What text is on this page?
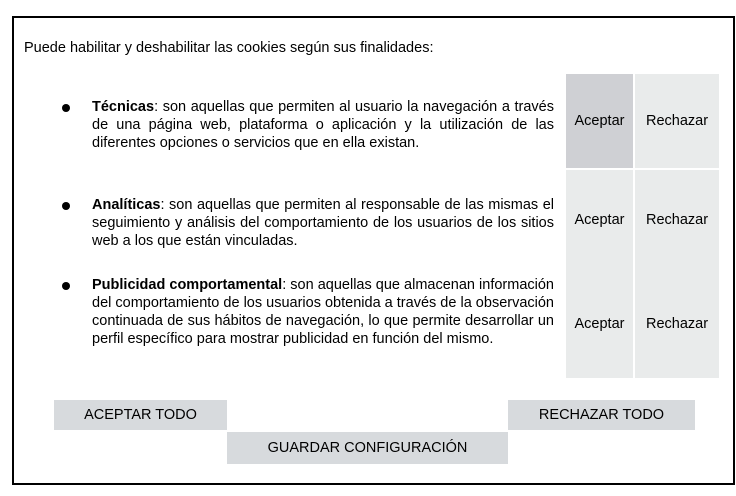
Puede habilitar y deshabilitar las cookies según sus finalidades:
Técnicas: son aquellas que permiten al usuario la navegación a través de una página web, plataforma o aplicación y la utilización de las diferentes opciones o servicios que en ella existan.
Aceptar	Rechazar
Analíticas: son aquellas que permiten al responsable de las mismas el seguimiento y análisis del comportamiento de los usuarios de los sitios web a los que están vinculadas.
Aceptar	Rechazar
Publicidad comportamental: son aquellas que almacenan información del comportamiento de los usuarios obtenida a través de la observación continuada de sus hábitos de navegación, lo que permite desarrollar un perfil específico para mostrar publicidad en función del mismo.
Aceptar	Rechazar
ACEPTAR TODO	RECHAZAR TODO
GUARDAR CONFIGURACIÓN
